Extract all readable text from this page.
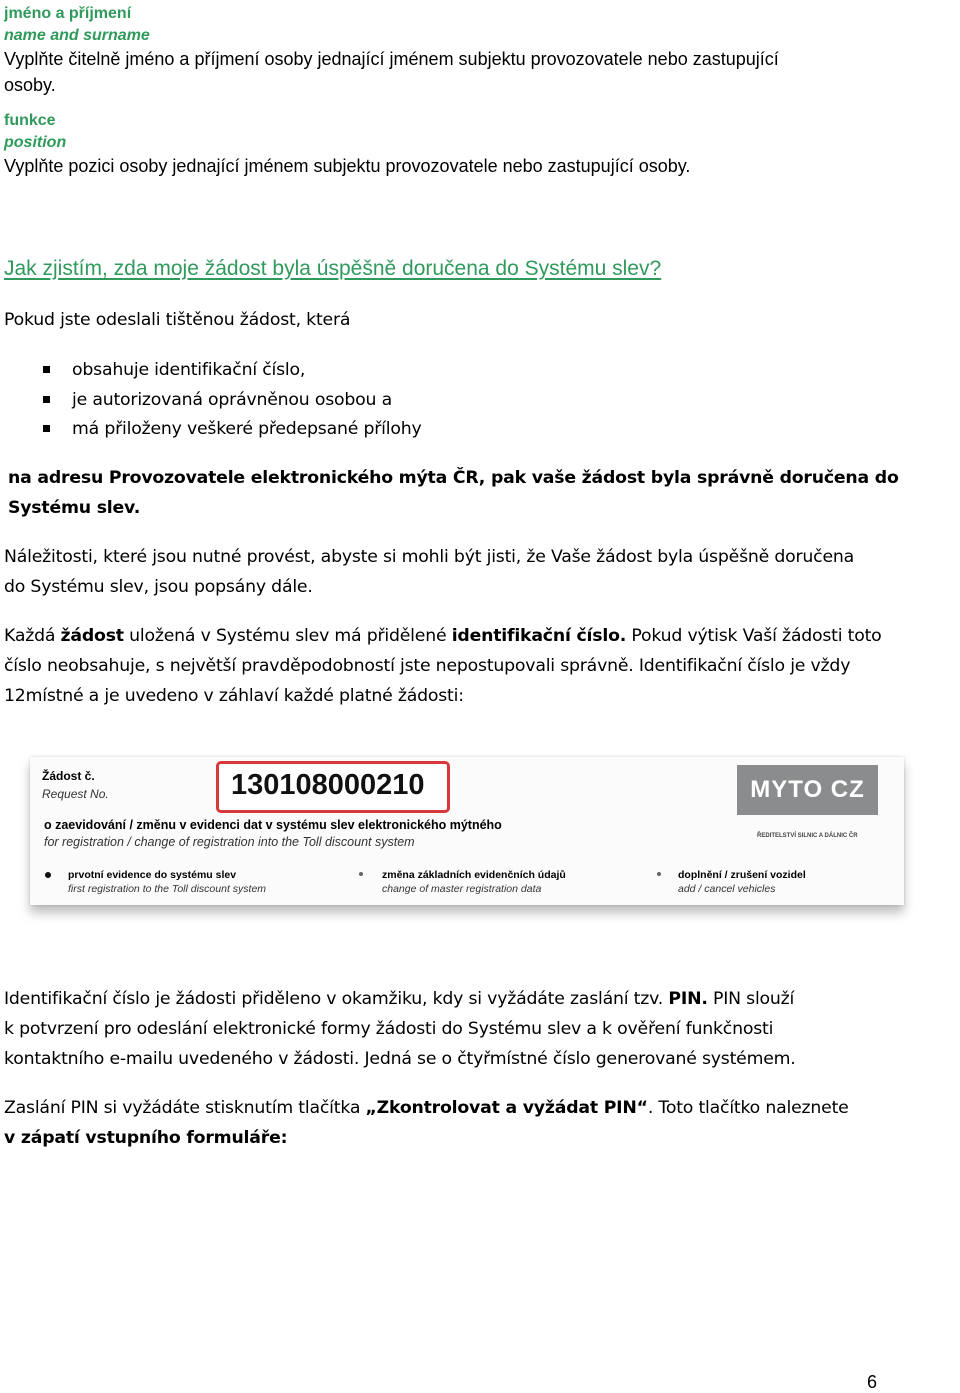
jméno a příjmení
name and surname
Vyplňte čitelně jméno a příjmení osoby jednající jménem subjektu provozovatele nebo zastupující
osoby.
funkce
position
Vyplňte pozici osoby jednající jménem subjektu provozovatele nebo zastupující osoby.
Jak zjistím, zda moje žádost byla úspěšně doručena do Systému slev?
Pokud jste odeslali tištěnou žádost, která
obsahuje identifikační číslo,
je autorizovaná oprávněnou osobou a
má přiloženy veškeré předepsané přílohy
na adresu Provozovatele elektronického mýta ČR, pak vaše žádost byla správně doručena do
Systému slev.
Náležitosti, které jsou nutné provést, abyste si mohli být jisti, že Vaše žádost byla úspěšně doručena
do Systému slev, jsou popsány dále.
Každá žádost uložená v Systému slev má přidělené identifikační číslo. Pokud výtisk Vaší žádosti toto
číslo neobsahuje, s největší pravděpodobností jste nepostupovali správně. Identifikační číslo je vždy
12místné a je uvedeno v záhlaví každé platné žádosti:
Žádost č.
Request No.	130108000210	MYTO CZ
ŘEDITELSTVÍ SILNIC A DÁLNIC ČR
o zaevidování / změnu v evidenci dat v systému slev elektronického mýtného
for registration / change of registration into the Toll discount system
prvotní evidence do systému slev
first registration to the Toll discount system
změna základních evidenčních údajů
change of master registration data
doplnění / zrušení vozidel
add / cancel vehicles
Identifikační číslo je žádosti přiděleno v okamžiku, kdy si vyžádáte zaslání tzv. PIN. PIN slouží
k potvrzení pro odeslání elektronické formy žádosti do Systému slev a k ověření funkčnosti
kontaktního e-mailu uvedeného v žádosti. Jedná se o čtyřmístné číslo generované systémem.
Zaslání PIN si vyžádáte stisknutím tlačítka „Zkontrolovat a vyžádat PIN“. Toto tlačítko naleznete
v zápatí vstupního formuláře:
6
